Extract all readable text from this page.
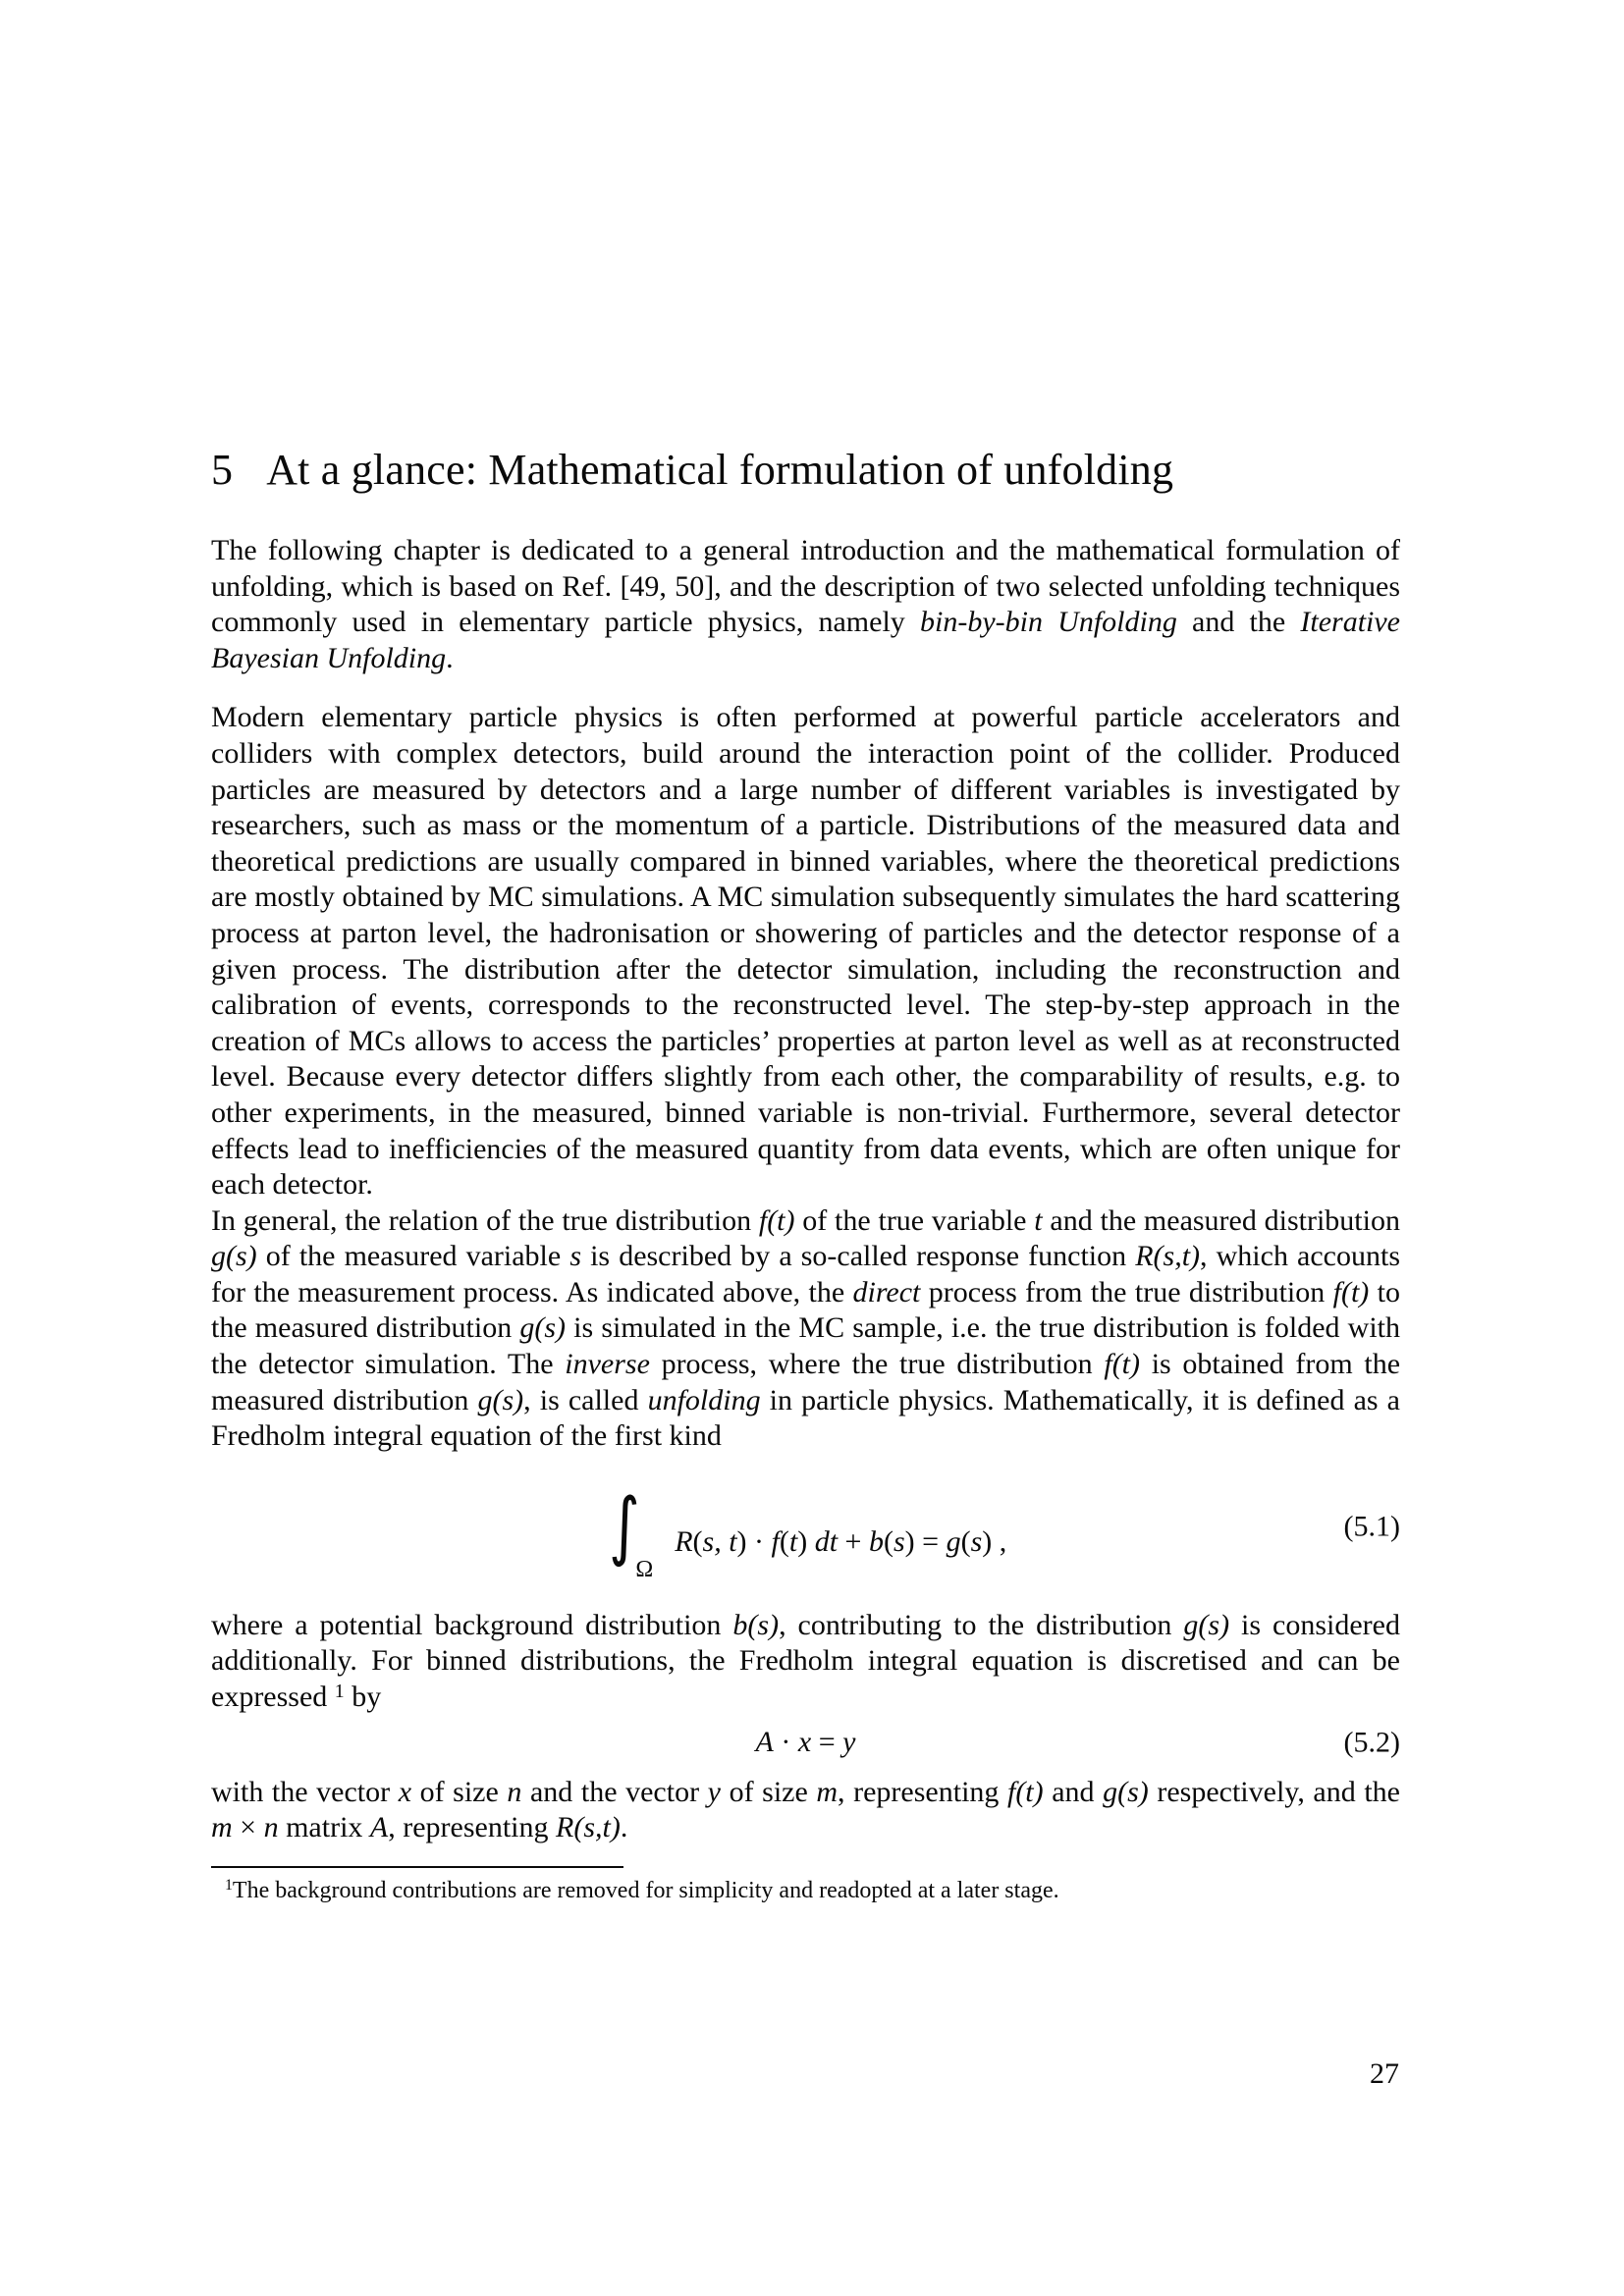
5 At a glance: Mathematical formulation of unfolding

The following chapter is dedicated to a general introduction and the mathematical formulation of unfolding, which is based on Ref. [49, 50], and the description of two selected unfolding techniques commonly used in elementary particle physics, namely bin-by-bin Unfolding and the Iterative Bayesian Unfolding.

Modern elementary particle physics is often performed at powerful particle accelerators and colliders with complex detectors, build around the interaction point of the collider. Produced particles are measured by detectors and a large number of different variables is investigated by researchers, such as mass or the momentum of a particle. Distributions of the measured data and theoretical predictions are usually compared in binned variables, where the theoretical predictions are mostly obtained by MC simulations. A MC simulation subsequently simulates the hard scattering process at parton level, the hadronisation or showering of particles and the detector response of a given process. The distribution after the detector simulation, including the reconstruction and calibration of events, corresponds to the reconstructed level. The step-by-step approach in the creation of MCs allows to access the particles’ properties at parton level as well as at reconstructed level. Because every detector differs slightly from each other, the comparability of results, e.g. to other experiments, in the measured, binned variable is non-trivial. Furthermore, several detector effects lead to inefficiencies of the measured quantity from data events, which are often unique for each detector.

In general, the relation of the true distribution f(t) of the true variable t and the measured distribution g(s) of the measured variable s is described by a so-called response function R(s,t), which accounts for the measurement process. As indicated above, the direct process from the true distribution f(t) to the measured distribution g(s) is simulated in the MC sample, i.e. the true distribution is folded with the detector simulation. The inverse process, where the true distribution f(t) is obtained from the measured distribution g(s), is called unfolding in particle physics. Mathematically, it is defined as a Fredholm integral equation of the first kind

$\int_\Omega R(s$, t) · f(t) dt + b(s) = g(s) ,	(5.1)

where a potential background distribution b(s), contributing to the distribution g(s) is considered additionally. For binned distributions, the Fredholm integral equation is discretised and can be expressed $^1$ by

A · x = y	(5.2)

with the vector x of size n and the vector y of size m, representing f(t) and g(s) respectively, and the m × n matrix A, representing R(s,t).

$^1$The background contributions are removed for simplicity and readopted at a later stage.

27
